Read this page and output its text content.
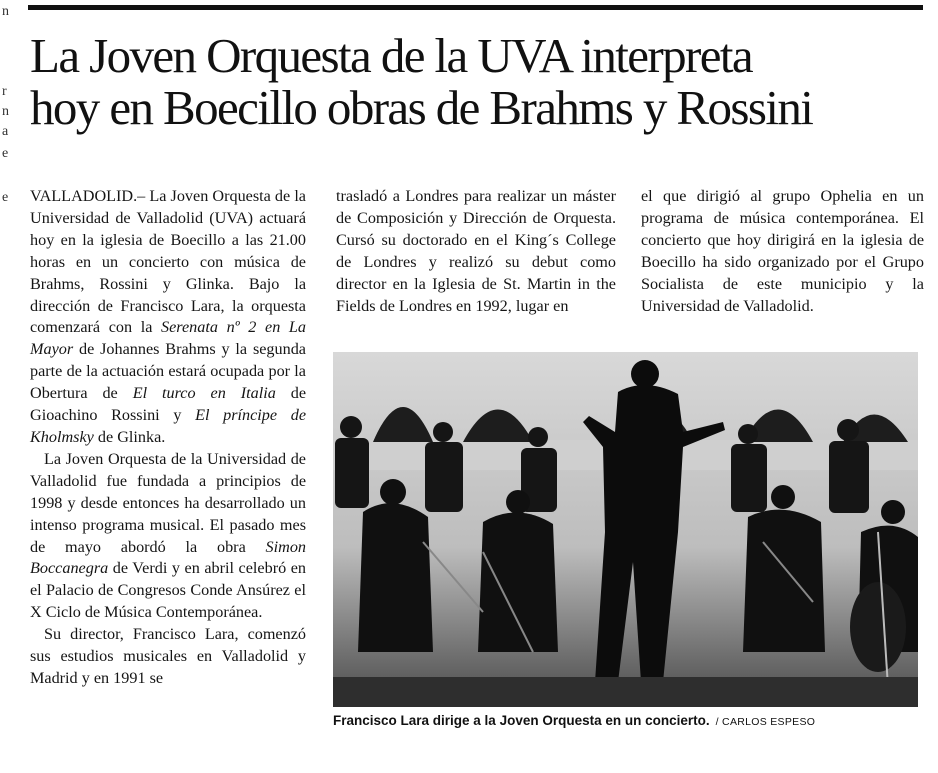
n
r
n
a
e
e
La Joven Orquesta de la UVA interpreta
hoy en Boecillo obras de Brahms y Rossini

VALLADOLID.– La Joven Orquesta de la Universidad de Valladolid (UVA) actuará hoy en la iglesia de Boecillo a las 21.00 horas en un concierto con música de Brahms, Rossini y Glinka. Bajo la dirección de Francisco Lara, la orquesta comenzará con la Serenata nº 2 en La Mayor de Johannes Brahms y la segunda parte de la actuación estará ocupada por la Obertura de El turco en Italia de Gioachino Rossini y El príncipe de Kholmsky de Glinka.

La Joven Orquesta de la Universidad de Valladolid fue fundada a principios de 1998 y desde entonces ha desarrollado un intenso programa musical. El pasado mes de mayo abordó la obra Simon Boccanegra de Verdi y en abril celebró en el Palacio de Congresos Conde Ansúrez el X Ciclo de Música Contemporánea.

Su director, Francisco Lara, comenzó sus estudios musicales en Valladolid y Madrid y en 1991 se

trasladó a Londres para realizar un máster de Composición y Dirección de Orquesta. Cursó su doctorado en el King´s College de Londres y realizó su debut como director en la Iglesia de St. Martin in the Fields de Londres en 1992, lugar en

el que dirigió al grupo Ophelia en un programa de música contemporánea. El concierto que hoy dirigirá en la iglesia de Boecillo ha sido organizado por el Grupo Socialista de este municipio y la Universidad de Valladolid.

Francisco Lara dirige a la Joven Orquesta en un concierto. / CARLOS ESPESO
